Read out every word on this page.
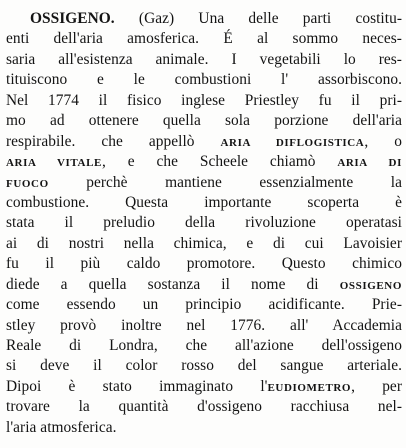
OSSIGENO. (Gaz) Una delle parti costitu-
enti dell'aria amosferica. É al sommo neces-
saria all'esistenza animale. I vegetabili lo res-
tituiscono e le combustioni l' assorbiscono.
Nel 1774 il fisico inglese Priestley fu il pri-
mo ad ottenere quella sola porzione dell'aria
respirabile. che appellò ARIA DIFLOGISTICA, o
ARIA VITALE, e che Scheele chiamò ARIA DI
FUOCO perchè mantiene essenzialmente la
combustione. Questa importante scoperta è
stata il preludio della rivoluzione operatasi
ai di nostri nella chimica, e di cui Lavoisier
fu il più caldo promotore. Questo chimico
diede a quella sostanza il nome di OSSIGENO
come essendo un principio acidificante. Prie-
stley provò inoltre nel 1776. all' Accademia
Reale di Londra, che all'azione dell'ossigeno
si deve il color rosso del sangue arteriale.
Dipoi è stato immaginato l'EUDIOMETRO, per
trovare la quantità d'ossigeno racchiusa nel-
l'aria atmosferica.
